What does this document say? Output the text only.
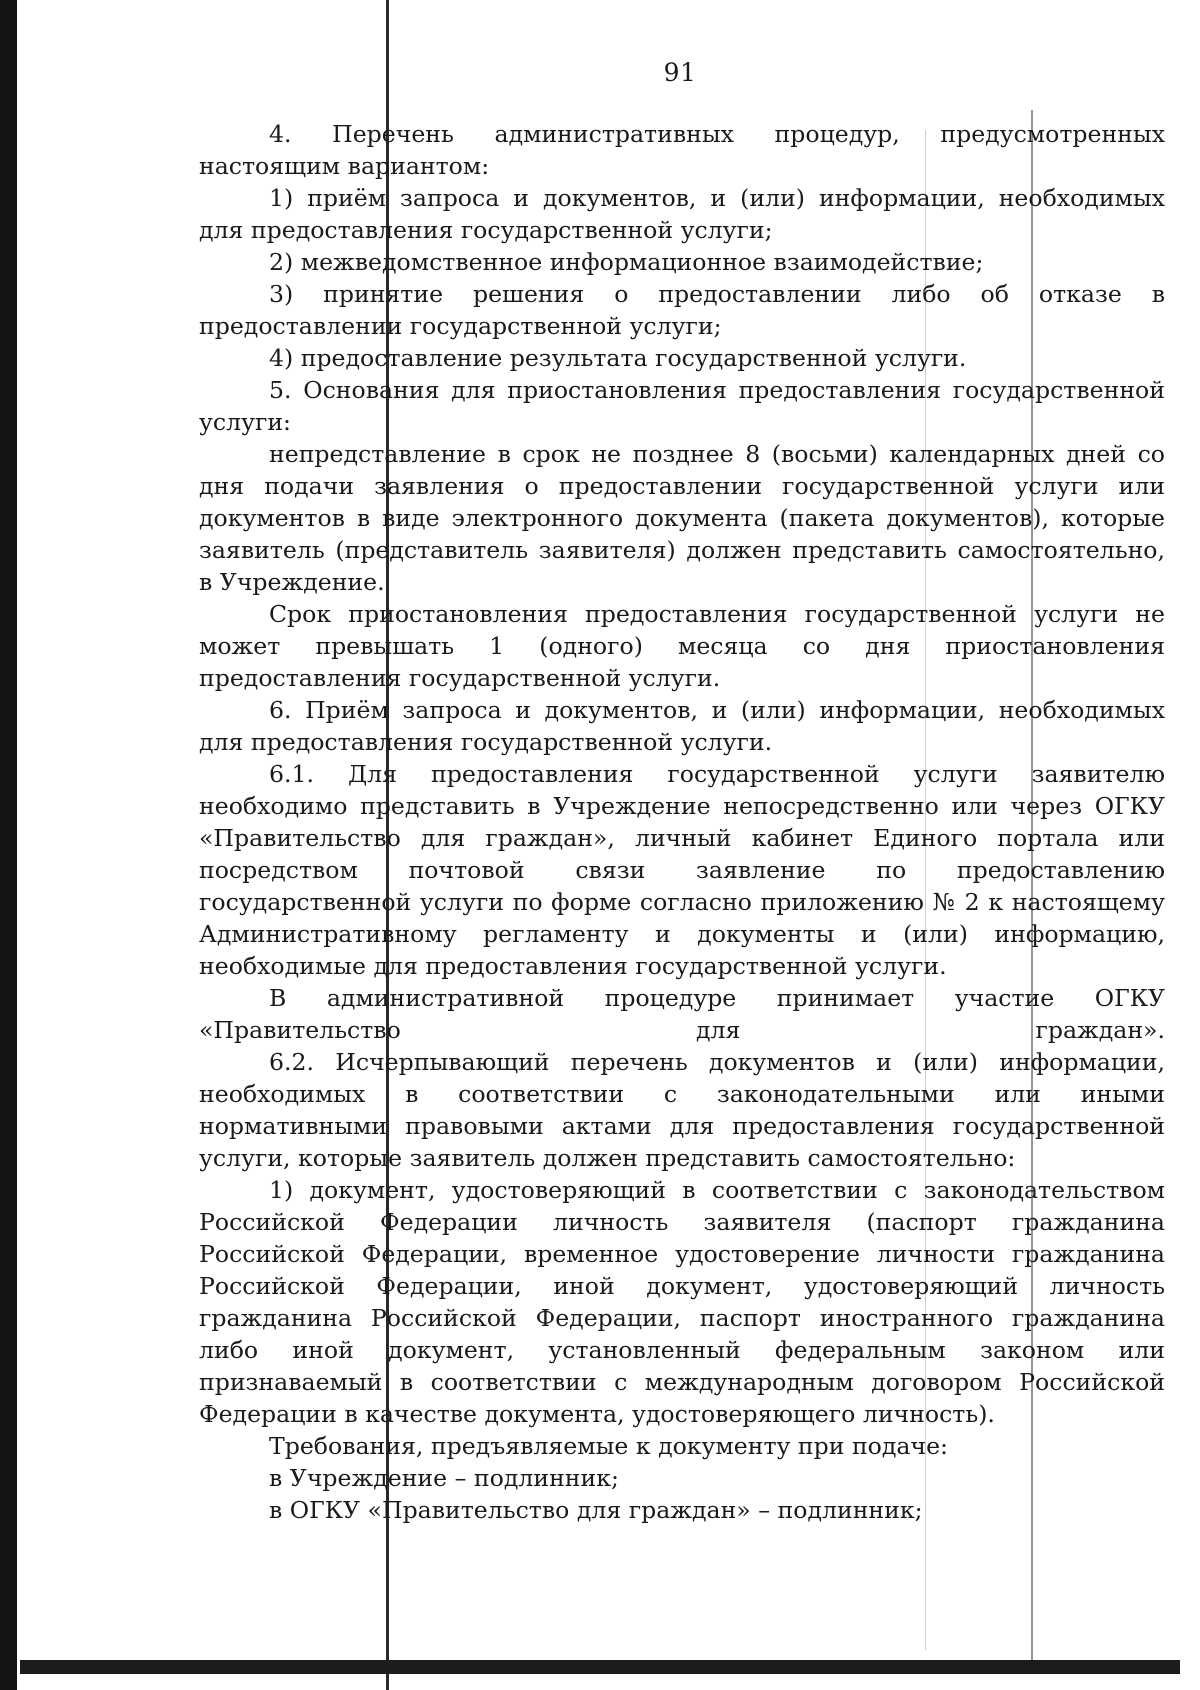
91

4. Перечень административных процедур, предусмотренных настоящим вариантом:

1) приём запроса и документов, и (или) информации, необходимых для предоставления государственной услуги;

2) межведомственное информационное взаимодействие;

3) принятие решения о предоставлении либо об отказе в предоставлении государственной услуги;

4) предоставление результата государственной услуги.

5. Основания для приостановления предоставления государственной услуги:

непредставление в срок не позднее 8 (восьми) календарных дней со дня подачи заявления о предоставлении государственной услуги или документов в виде электронного документа (пакета документов), которые заявитель (представитель заявителя) должен представить самостоятельно, в Учреждение.

Срок приостановления предоставления государственной услуги не может превышать 1 (одного) месяца со дня приостановления предоставления государственной услуги.

6. Приём запроса и документов, и (или) информации, необходимых для предоставления государственной услуги.

6.1. Для предоставления государственной услуги заявителю необходимо представить в Учреждение непосредственно или через ОГКУ «Правительство для граждан», личный кабинет Единого портала или посредством почтовой связи заявление по предоставлению государственной услуги по форме согласно приложению № 2 к настоящему Административному регламенту и документы и (или) информацию, необходимые для предоставления государственной услуги.

В административной процедуре принимает участие ОГКУ «Правительство для граждан».

6.2. Исчерпывающий перечень документов и (или) информации, необходимых в соответствии с законодательными или иными нормативными правовыми актами для предоставления государственной услуги, которые заявитель должен представить самостоятельно:

1) документ, удостоверяющий в соответствии с законодательством Российской Федерации личность заявителя (паспорт гражданина Российской Федерации, временное удостоверение личности гражданина Российской Федерации, иной документ, удостоверяющий личность гражданина Российской Федерации, паспорт иностранного гражданина либо иной документ, установленный федеральным законом или признаваемый в соответствии с международным договором Российской Федерации в качестве документа, удостоверяющего личность).

Требования, предъявляемые к документу при подаче:

в Учреждение – подлинник;

в ОГКУ «Правительство для граждан» – подлинник;
